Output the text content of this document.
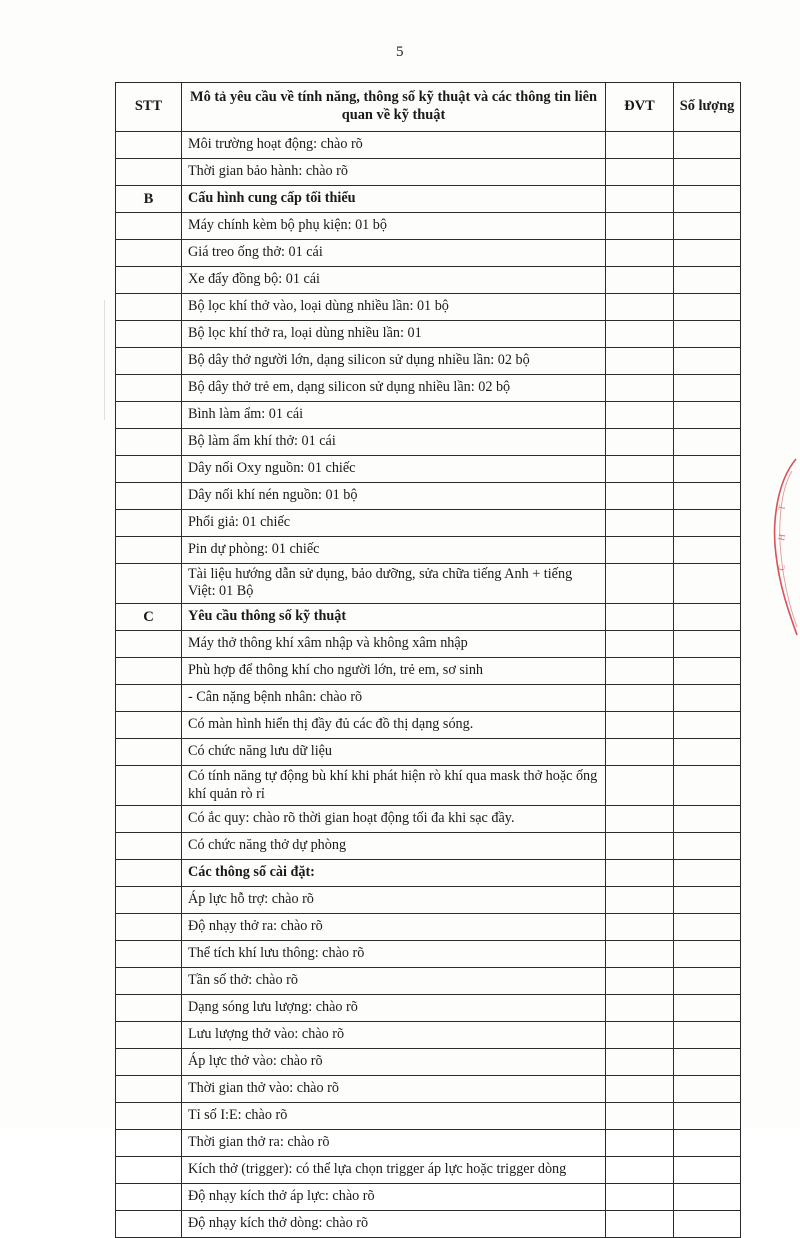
5
STT	Mô tả yêu cầu về tính năng, thông số kỹ thuật và các thông tin liên quan về kỹ thuật	ĐVT	Số lượng
	Môi trường hoạt động: chào rõ		
	Thời gian bảo hành: chào rõ		
B	Cấu hình cung cấp tối thiểu		
	Máy chính kèm bộ phụ kiện: 01 bộ		
	Giá treo ống thở: 01 cái		
	Xe đẩy đồng bộ: 01 cái		
	Bộ lọc khí thở vào, loại dùng nhiều lần: 01 bộ		
	Bộ lọc khí thở ra, loại dùng nhiều lần: 01		
	Bộ dây thở người lớn, dạng silicon sử dụng nhiều lần: 02 bộ		
	Bộ dây thở trẻ em, dạng silicon sử dụng nhiều lần: 02 bộ		
	Bình làm ẩm: 01 cái		
	Bộ làm ẩm khí thở: 01 cái		
	Dây nối Oxy nguồn: 01 chiếc		
	Dây nối khí nén nguồn: 01 bộ		
	Phổi giả: 01 chiếc		
	Pin dự phòng: 01 chiếc		
	Tài liệu hướng dẫn sử dụng, bảo dưỡng, sửa chữa tiếng Anh + tiếng Việt: 01 Bộ		
C	Yêu cầu thông số kỹ thuật		
	Máy thở thông khí xâm nhập và không xâm nhập		
	Phù hợp để thông khí cho người lớn, trẻ em, sơ sinh		
	- Cân nặng bệnh nhân: chào rõ		
	Có màn hình hiển thị đầy đủ các đồ thị dạng sóng.		
	Có chức năng lưu dữ liệu		
	Có tính năng tự động bù khí khi phát hiện rò khí qua mask thở hoặc ống khí quản rò rỉ		
	Có ắc quy: chào rõ thời gian hoạt động tối đa khi sạc đầy.		
	Có chức năng thở dự phòng		
	Các thông số cài đặt:		
	Áp lực hỗ trợ: chào rõ		
	Độ nhạy thở ra: chào rõ		
	Thể tích khí lưu thông: chào rõ		
	Tần số thở: chào rõ		
	Dạng sóng lưu lượng: chào rõ		
	Lưu lượng thở vào: chào rõ		
	Áp lực thở vào: chào rõ		
	Thời gian thở vào: chào rõ		
	Tỉ số I:E: chào rõ		
	Thời gian thở ra: chào rõ		
	Kích thở (trigger): có thể lựa chọn trigger áp lực hoặc trigger dòng		
	Độ nhạy kích thở áp lực: chào rõ		
	Độ nhạy kích thở dòng: chào rõ		
T
H
C
